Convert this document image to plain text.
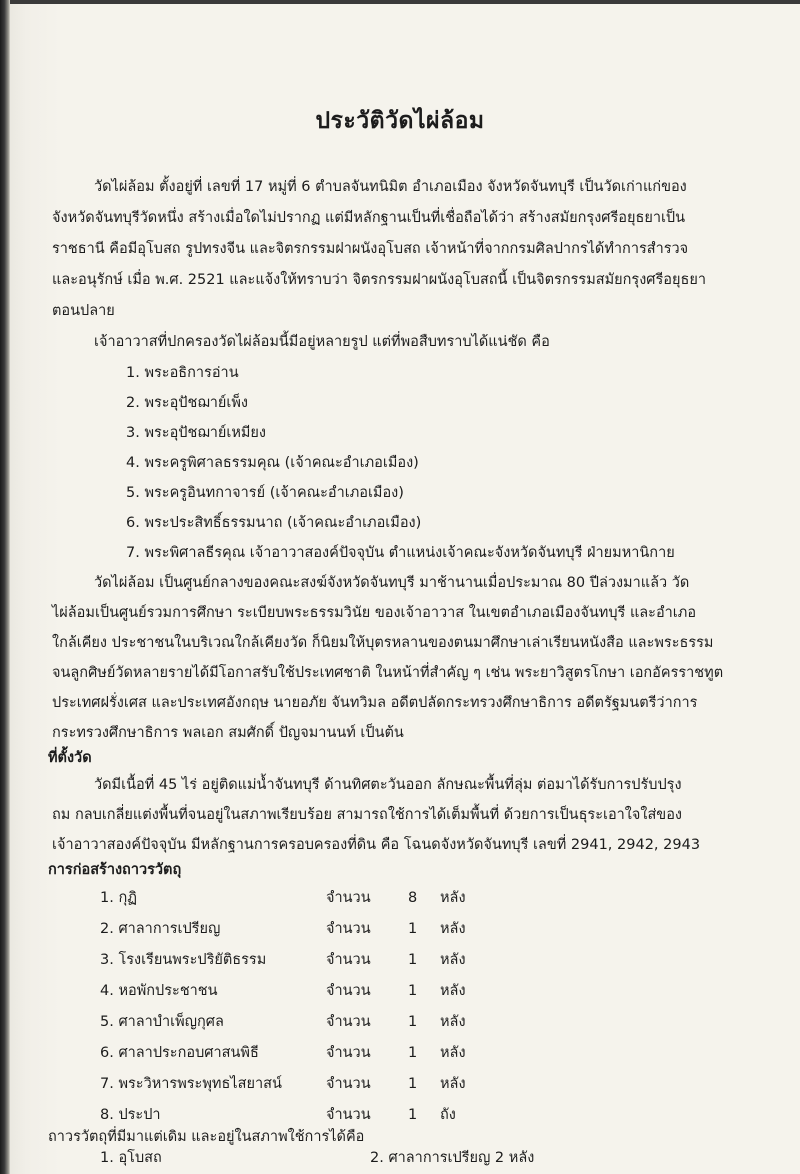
ประวัติวัดไผ่ล้อม
วัดไผ่ล้อม ตั้งอยู่ที่ เลขที่ 17 หมู่ที่ 6 ตำบลจันทนิมิต อำเภอเมือง จังหวัดจันทบุรี เป็นวัดเก่าแก่ของ
จังหวัดจันทบุรีวัดหนึ่ง สร้างเมื่อใดไม่ปรากฏ แต่มีหลักฐานเป็นที่เชื่อถือได้ว่า สร้างสมัยกรุงศรีอยุธยาเป็น
ราชธานี คือมีอุโบสถ รูปทรงจีน และจิตรกรรมฝาผนังอุโบสถ เจ้าหน้าที่จากกรมศิลปากรได้ทำการสำรวจ
และอนุรักษ์ เมื่อ พ.ศ. 2521 และแจ้งให้ทราบว่า จิตรกรรมฝาผนังอุโบสถนี้ เป็นจิตรกรรมสมัยกรุงศรีอยุธยา
ตอนปลาย
เจ้าอาวาสที่ปกครองวัดไผ่ล้อมนี้มีอยู่หลายรูป แต่ที่พอสืบทราบได้แน่ชัด คือ
1. พระอธิการอ่าน
2. พระอุปัชฌาย์เพ็ง
3. พระอุปัชฌาย์เหมียง
4. พระครูพิศาลธรรมคุณ (เจ้าคณะอำเภอเมือง)
5. พระครูอินทกาจารย์ (เจ้าคณะอำเภอเมือง)
6. พระประสิทธิ์ธรรมนาถ (เจ้าคณะอำเภอเมือง)
7. พระพิศาลธีรคุณ เจ้าอาวาสองค์ปัจจุบัน ตำแหน่งเจ้าคณะจังหวัดจันทบุรี ฝ่ายมหานิกาย
วัดไผ่ล้อม เป็นศูนย์กลางของคณะสงฆ์จังหวัดจันทบุรี มาช้านานเมื่อประมาณ 80 ปีล่วงมาแล้ว วัด
ไผ่ล้อมเป็นศูนย์รวมการศึกษา ระเบียบพระธรรมวินัย ของเจ้าอาวาส ในเขตอำเภอเมืองจันทบุรี และอำเภอ
ใกล้เคียง ประชาชนในบริเวณใกล้เคียงวัด ก็นิยมให้บุตรหลานของตนมาศึกษาเล่าเรียนหนังสือ และพระธรรม
จนลูกศิษย์วัดหลายรายได้มีโอกาสรับใช้ประเทศชาติ ในหน้าที่สำคัญ ๆ เช่น พระยาวิสูตรโกษา เอกอัครราชทูต
ประเทศฝรั่งเศส และประเทศอังกฤษ นายอภัย จันทวิมล อดีตปลัดกระทรวงศึกษาธิการ อดีตรัฐมนตรีว่าการ
กระทรวงศึกษาธิการ พลเอก สมศักดิ์ ปัญจมานนท์ เป็นต้น
ที่ตั้งวัด
วัดมีเนื้อที่ 45 ไร่ อยู่ติดแม่น้ำจันทบุรี ด้านทิศตะวันออก ลักษณะพื้นที่ลุ่ม ต่อมาได้รับการปรับปรุง
ถม กลบเกลี่ยแต่งพื้นที่จนอยู่ในสภาพเรียบร้อย สามารถใช้การได้เต็มพื้นที่ ด้วยการเป็นธุระเอาใจใส่ของ
เจ้าอาวาสองค์ปัจจุบัน มีหลักฐานการครอบครองที่ดิน คือ โฉนดจังหวัดจันทบุรี เลขที่ 2941, 2942, 2943
การก่อสร้างถาวรวัตถุ
1. กุฏิ	จำนวน	8 หลัง
2. ศาลาการเปรียญ	จำนวน	1 หลัง
3. โรงเรียนพระปริยัติธรรม	จำนวน	1 หลัง
4. หอพักประชาชน	จำนวน	1 หลัง
5. ศาลาบำเพ็ญกุศล	จำนวน	1 หลัง
6. ศาลาประกอบศาสนพิธี	จำนวน	1 หลัง
7. พระวิหารพระพุทธไสยาสน์	จำนวน	1 หลัง
8. ประปา	จำนวน	1 ถัง
ถาวรวัตถุที่มีมาแต่เดิม และอยู่ในสภาพใช้การได้คือ
1. อุโบสถ	2. ศาลาการเปรียญ 2 หลัง
